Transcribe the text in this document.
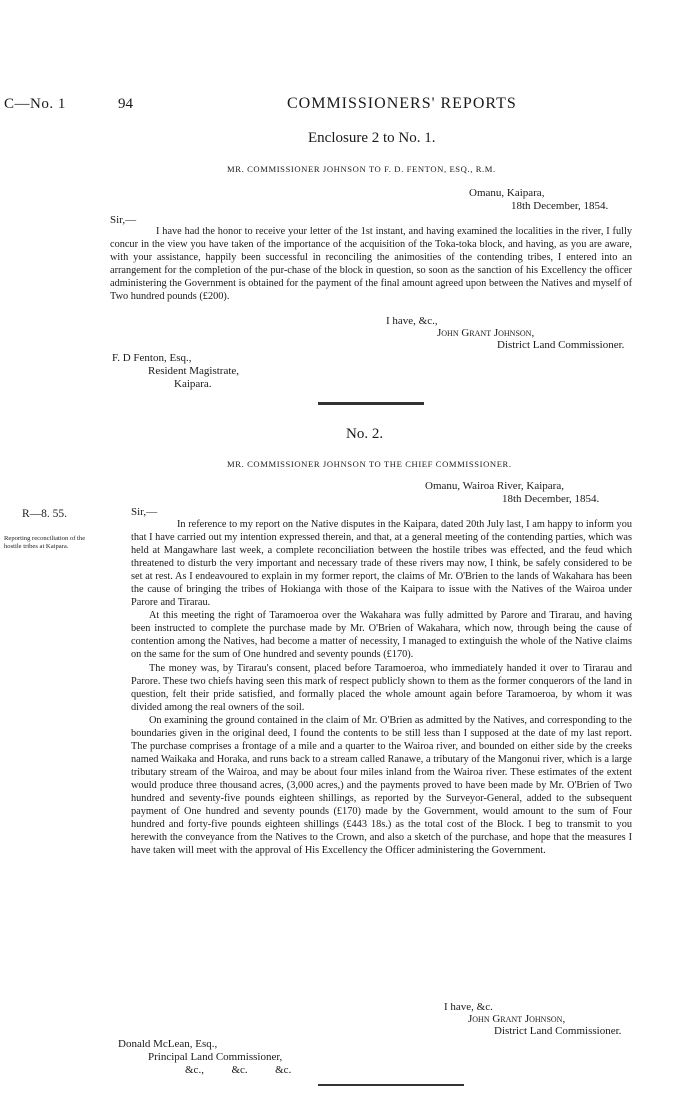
C—No. 1	94	COMMISSIONERS' REPORTS
Enclosure 2 to No. 1.
MR. COMMISSIONER JOHNSON TO F. D. FENTON, ESQ., R.M.
Omanu, Kaipara,
18th December, 1854.
Sir,—

I have had the honor to receive your letter of the 1st instant, and having examined the localities in the river, I fully concur in the view you have taken of the importance of the acquisition of the Toka-toka block, and having, as you are aware, with your assistance, happily been successful in reconciling the animosities of the contending tribes, I entered into an arrangement for the completion of the pur-chase of the block in question, so soon as the sanction of his Excellency the officer administering the Government is obtained for the payment of the final amount agreed upon between the Natives and myself of Two hundred pounds (£200).

I have, &c.,
John Grant Johnson,
District Land Commissioner.
F. D Fenton, Esq.,
Resident Magistrate,
Kaipara.
No. 2.
MR. COMMISSIONER JOHNSON TO THE CHIEF COMMISSIONER.
Omanu, Wairoa River, Kaipara,
18th December, 1854.
R—8. 55.
Reporting reconciliation of the hostile tribes at Kaipara.
Sir,—

In reference to my report on the Native disputes in the Kaipara, dated 20th July last, I am happy to inform you that I have carried out my intention expressed therein, and that, at a general meeting of the contending parties, which was held at Mangawhare last week, a complete reconciliation between the hostile tribes was effected, and the feud which threatened to disturb the very important and necessary trade of these rivers may now, I think, be safely considered to be set at rest. As I endeavoured to explain in my former report, the claims of Mr. O'Brien to the lands of Wakahara has been the cause of bringing the tribes of Hokianga with those of the Kaipara to issue with the Natives of the Wairoa under Parore and Tirarau.

At this meeting the right of Taramoeroa over the Wakahara was fully admitted by Parore and Tirarau, and having been instructed to complete the purchase made by Mr. O'Brien of Wakahara, which now, through being the cause of contention among the Natives, had become a matter of necessity, I managed to extinguish the whole of the Native claims on the same for the sum of One hundred and seventy pounds (£170).

The money was, by Tirarau's consent, placed before Taramoeroa, who immediately handed it over to Tirarau and Parore. These two chiefs having seen this mark of respect publicly shown to them as the former conquerors of the land in question, felt their pride satisfied, and formally placed the whole amount again before Taramoeroa, by whom it was divided among the real owners of the soil.

On examining the ground contained in the claim of Mr. O'Brien as admitted by the Natives, and corresponding to the boundaries given in the original deed, I found the contents to be still less than I supposed at the date of my last report. The purchase comprises a frontage of a mile and a quarter to the Wairoa river, and bounded on either side by the creeks named Waikaka and Horaka, and runs back to a stream called Ranawe, a tributary of the Mangonui river, which is a large tributary stream of the Wairoa, and may be about four miles inland from the Wairoa river. These estimates of the extent would produce three thousand acres, (3,000 acres,) and the payments proved to have been made by Mr. O'Brien of Two hundred and seventy-five pounds eighteen shillings, as reported by the Surveyor-General, added to the subsequent payment of One hundred and seventy pounds (£170) made by the Government, would amount to the sum of Four hundred and forty-five pounds eighteen shillings (£443 18s.) as the total cost of the Block. I beg to transmit to you herewith the conveyance from the Natives to the Crown, and also a sketch of the purchase, and hope that the measures I have taken will meet with the approval of His Excellency the Officer administering the Government.

I have, &c.
John Grant Johnson,
District Land Commissioner.
Donald McLean, Esq.,
Principal Land Commissioner,
&c.,          &c.          &c.
